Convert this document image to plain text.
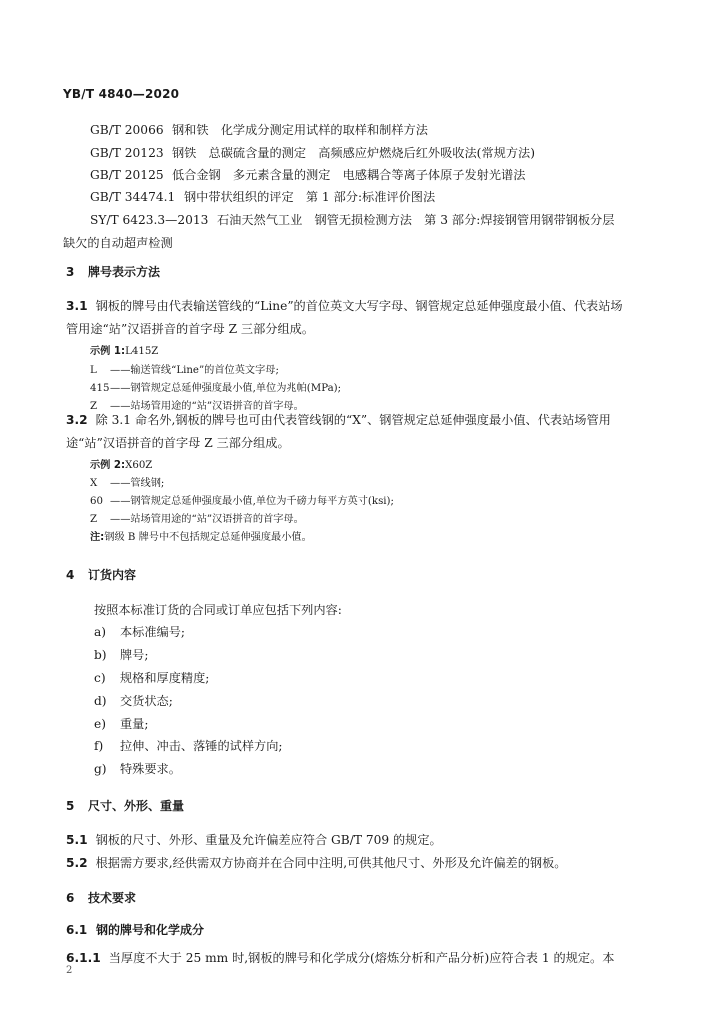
YB/T 4840—2020
GB/T 20066 钢和铁　化学成分测定用试样的取样和制样方法
GB/T 20123 钢铁　总碳硫含量的测定　高频感应炉燃烧后红外吸收法(常规方法)
GB/T 20125 低合金钢　多元素含量的测定　电感耦合等离子体原子发射光谱法
GB/T 34474.1 钢中带状组织的评定　第 1 部分:标准评价图法
SY/T 6423.3—2013 石油天然气工业　钢管无损检测方法　第 3 部分:焊接钢管用钢带钢板分层
缺欠的自动超声检测
3 牌号表示方法
3.1 钢板的牌号由代表输送管线的“Line”的首位英文大写字母、钢管规定总延伸强度最小值、代表站场
管用途“站”汉语拼音的首字母 Z 三部分组成。
示例 1:L415Z
L ——输送管线“Line”的首位英文字母;
415——钢管规定总延伸强度最小值,单位为兆帕(MPa);
Z ——站场管用途的“站”汉语拼音的首字母。
3.2 除 3.1 命名外,钢板的牌号也可由代表管线钢的“X”、钢管规定总延伸强度最小值、代表站场管用
途“站”汉语拼音的首字母 Z 三部分组成。
示例 2:X60Z
X ——管线钢;
60 ——钢管规定总延伸强度最小值,单位为千磅力每平方英寸(ksi);
Z ——站场管用途的“站”汉语拼音的首字母。
注:钢级 B 牌号中不包括规定总延伸强度最小值。
4 订货内容
按照本标准订货的合同或订单应包括下列内容:
a) 本标准编号;
b) 牌号;
c) 规格和厚度精度;
d) 交货状态;
e) 重量;
f) 拉伸、冲击、落锤的试样方向;
g) 特殊要求。
5 尺寸、外形、重量
5.1 钢板的尺寸、外形、重量及允许偏差应符合 GB/T 709 的规定。
5.2 根据需方要求,经供需双方协商并在合同中注明,可供其他尺寸、外形及允许偏差的钢板。
6 技术要求
6.1 钢的牌号和化学成分
6.1.1 当厚度不大于 25 mm 时,钢板的牌号和化学成分(熔炼分析和产品分析)应符合表 1 的规定。本
2
